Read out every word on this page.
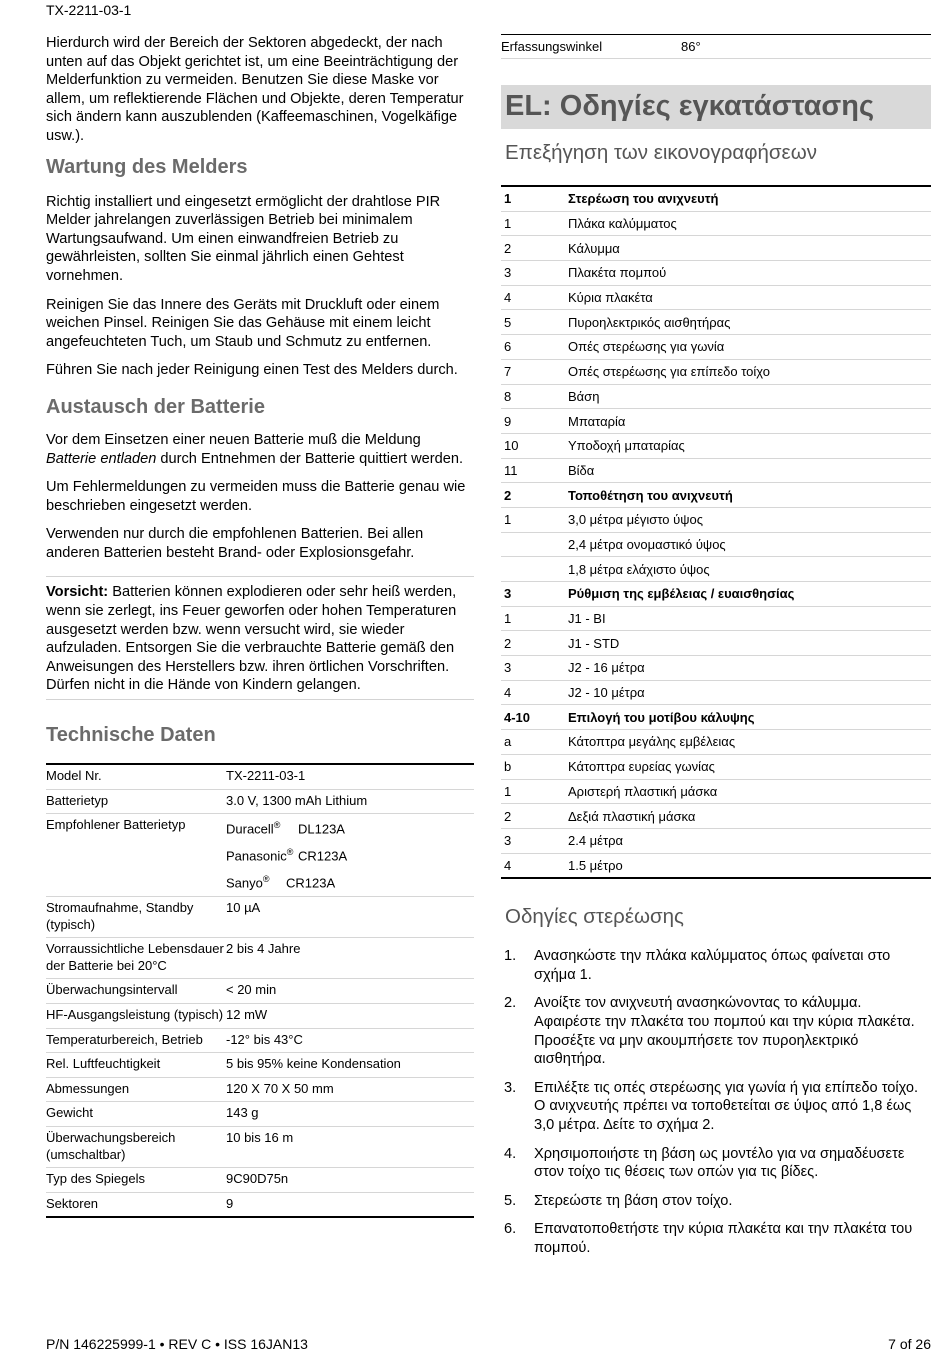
TX-2211-03-1

Hierdurch wird der Bereich der Sektoren abgedeckt, der nach unten auf das Objekt gerichtet ist, um eine Beeinträchtigung der Melderfunktion zu vermeiden. Benutzen Sie diese Maske vor allem, um reflektierende Flächen und Objekte, deren Temperatur sich ändern kann auszublenden (Kaffeemaschinen, Vogelkäfige usw.).

Wartung des Melders

Richtig installiert und eingesetzt ermöglicht der drahtlose PIR Melder jahrelangen zuverlässigen Betrieb bei minimalem Wartungsaufwand. Um einen einwandfreien Betrieb zu gewährleisten, sollten Sie einmal jährlich einen Gehtest vornehmen.

Reinigen Sie das Innere des Geräts mit Druckluft oder einem weichen Pinsel. Reinigen Sie das Gehäuse mit einem leicht angefeuchteten Tuch, um Staub und Schmutz zu entfernen.

Führen Sie nach jeder Reinigung einen Test des Melders durch.

Austausch der Batterie

Vor dem Einsetzen einer neuen Batterie muß die Meldung Batterie entladen durch Entnehmen der Batterie quittiert werden.

Um Fehlermeldungen zu vermeiden muss die Batterie genau wie beschrieben eingesetzt werden.

Verwenden nur durch die empfohlenen Batterien. Bei allen anderen Batterien besteht Brand- oder Explosionsgefahr.

Vorsicht: Batterien können explodieren oder sehr heiß werden, wenn sie zerlegt, ins Feuer geworfen oder hohen Temperaturen ausgesetzt werden bzw. wenn versucht wird, sie wieder aufzuladen. Entsorgen Sie die verbrauchte Batterie gemäß den Anweisungen des Herstellers bzw. ihren örtlichen Vorschriften. Dürfen nicht in die Hände von Kindern gelangen.

Technische Daten
Model Nr.	TX-2211-03-1
Batterietyp	3.0 V, 1300 mAh Lithium
Empfohlener Batterietyp	Duracell® DL123A
Panasonic® CR123A
Sanyo® CR123A

Stromaufnahme, Standby (typisch)	10 µA
Vorraussichtliche Lebensdauer der Batterie bei 20°C	2 bis 4 Jahre
Überwachungsintervall	< 20 min
HF-Ausgangsleistung (typisch)	12 mW
Temperaturbereich, Betrieb	-12° bis 43°C
Rel. Luftfeuchtigkeit	5 bis 95% keine Kondensation
Abmessungen	120 X 70 X 50 mm
Gewicht	143 g
Überwachungsbereich (umschaltbar)	10 bis 16 m
Typ des Spiegels	9C90D75n
Sektoren	9
Erfassungswinkel	86°
EL: Οδηγίες εγκατάστασης
Επεξήγηση των εικονογραφήσεων
1	Στερέωση του ανιχνευτή
1	Πλάκα καλύμματος
2	Κάλυμμα
3	Πλακέτα πομπού
4	Κύρια πλακέτα
5	Πυροηλεκτρικός αισθητήρας
6	Οπές στερέωσης για γωνία
7	Οπές στερέωσης για επίπεδο τοίχο
8	Βάση
9	Μπαταρία
10	Υποδοχή μπαταρίας
11	Βίδα
2	Τοποθέτηση του ανιχνευτή
1	3,0 μέτρα μέγιστο ύψος
	2,4 μέτρα ονομαστικό ύψος
	1,8 μέτρα ελάχιστο ύψος
3	Ρύθμιση της εμβέλειας / ευαισθησίας
1	J1 - BI
2	J1 - STD
3	J2 - 16 μέτρα
4	J2 - 10 μέτρα
4-10	Επιλογή του μοτίβου κάλυψης
a	Κάτοπτρα μεγάλης εμβέλειας
b	Κάτοπτρα ευρείας γωνίας
1	Αριστερή πλαστική μάσκα
2	Δεξιά πλαστική μάσκα
3	2.4 μέτρα
4	1.5 μέτρο
Οδηγίες στερέωσης
1.	Ανασηκώστε την πλάκα καλύμματος όπως φαίνεται στο σχήμα 1.
2.	Ανοίξτε τον ανιχνευτή ανασηκώνοντας το κάλυμμα. Αφαιρέστε την πλακέτα του πομπού και την κύρια πλακέτα. Προσέξτε να μην ακουμπήσετε τον πυροηλεκτρικό αισθητήρα.
3.	Επιλέξτε τις οπές στερέωσης για γωνία ή για επίπεδο τοίχο. Ο ανιχνευτής πρέπει να τοποθετείται σε ύψος από 1,8 έως 3,0 μέτρα. Δείτε το σχήμα 2.
4.	Χρησιμοποιήστε τη βάση ως μοντέλο για να σημαδέυσετε στον τοίχο τις θέσεις των οπών για τις βίδες.
5.	Στερεώστε τη βάση στον τοίχο.
6.	Επανατοποθετήστε την κύρια πλακέτα και την πλακέτα του πομπού.
P/N 146225999-1 • REV C • ISS 16JAN13	7 of 26
